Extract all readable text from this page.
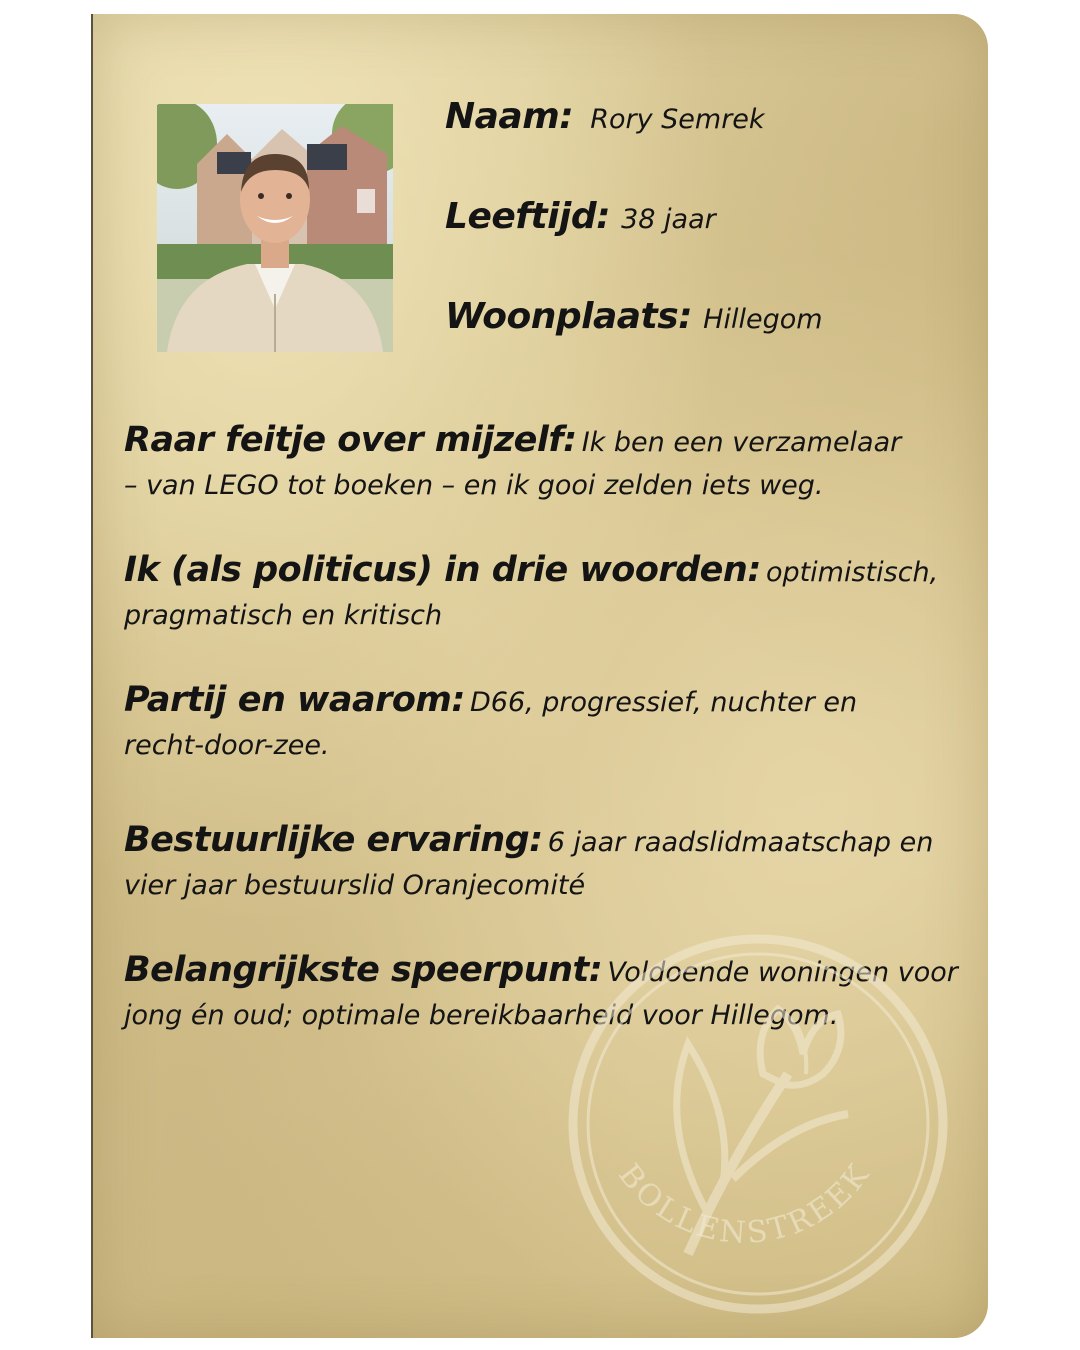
Naam: Rory Semrek
Leeftijd: 38 jaar
Woonplaats: Hillegom
Raar feitje over mijzelf: Ik ben een verzamelaar
– van LEGO tot boeken – en ik gooi zelden iets weg.
Ik (als politicus) in drie woorden: optimistisch,
pragmatisch en kritisch
Partij en waarom: D66, progressief, nuchter en
recht-door-zee.
Bestuurlijke ervaring: 6 jaar raadslidmaatschap en
vier jaar bestuurslid Oranjecomité
Belangrijkste speerpunt: Voldoende woningen voor
jong én oud; optimale bereikbaarheid voor Hillegom.
BOLLENSTREEK
